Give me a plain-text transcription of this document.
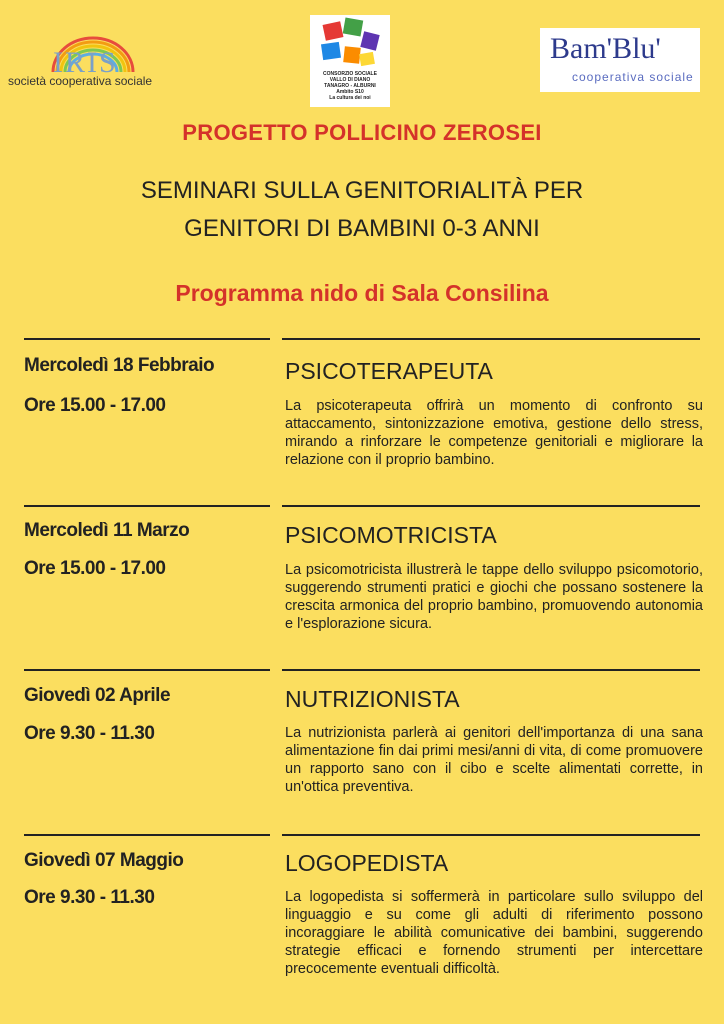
IRIS
società cooperativa sociale	CONSORZIO SOCIALE
VALLO DI DIANO
TANAGRO - ALBURNI
Ambito S10
La cultura dei noi
Bam'Blu'
cooperativa sociale
PROGETTO POLLICINO ZEROSEI
SEMINARI SULLA GENITORIALITÀ PER
GENITORI DI BAMBINI 0-3 ANNI
Programma nido di Sala Consilina
Mercoledì 18 Febbraio
Ore 15.00 - 17.00
PSICOTERAPEUTA

La psicoterapeuta offrirà un momento di confronto su attaccamento, sintonizzazione emotiva, gestione dello stress, mirando a rinforzare le competenze genitoriali e migliorare la relazione con il proprio bambino.

Mercoledì 11 Marzo
Ore 15.00 - 17.00
PSICOMOTRICISTA

La psicomotricista illustrerà le tappe dello sviluppo psicomotorio, suggerendo strumenti pratici e giochi che possano sostenere la crescita armonica del proprio bambino, promuovendo autonomia e l'esplorazione sicura.

Giovedì 02 Aprile
Ore 9.30 - 11.30
NUTRIZIONISTA

La nutrizionista parlerà ai genitori dell'importanza di una sana alimentazione fin dai primi mesi/anni di vita, di come promuovere un rapporto sano con il cibo e scelte alimentati corrette, in un'ottica preventiva.

Giovedì 07 Maggio
Ore 9.30 - 11.30
LOGOPEDISTA

La logopedista si soffermerà in particolare sullo sviluppo del linguaggio e su come gli adulti di riferimento possono incoraggiare le abilità comunicative dei bambini, suggerendo strategie efficaci e fornendo strumenti per intercettare precocemente eventuali difficoltà.
